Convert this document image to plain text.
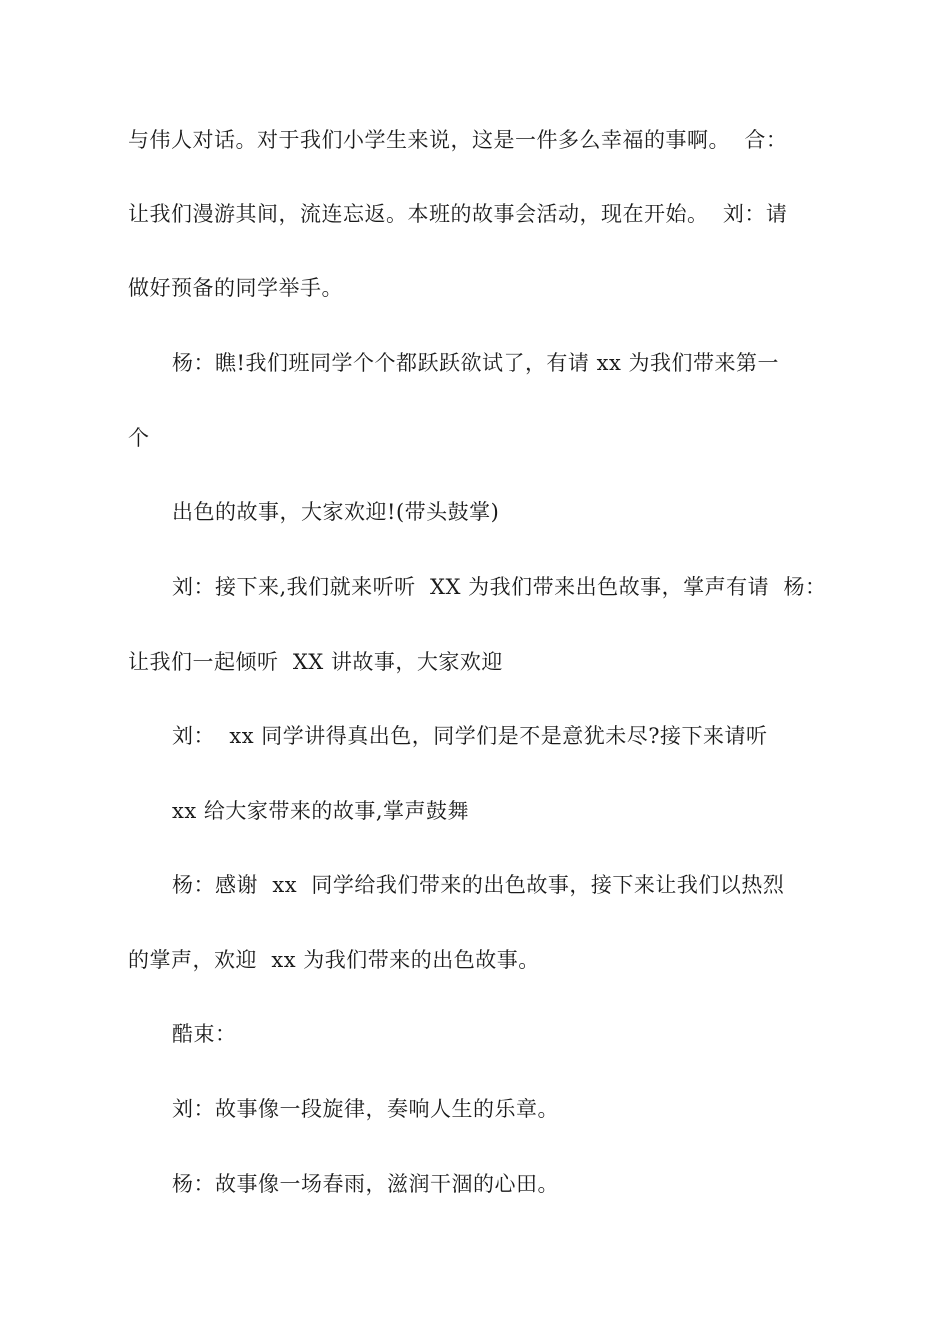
与伟人对话。对于我们小学生来说，这是一件多么幸福的事啊。  合：
让我们漫游其间，流连忘返。本班的故事会活动，现在开始。  刘：请
做好预备的同学举手。
杨：瞧!我们班同学个个都跃跃欲试了，有请 xx 为我们带来第一
个
出色的故事，大家欢迎!(带头鼓掌)
刘：接下来,我们就来听听  XX 为我们带来出色故事，掌声有请  杨：
让我们一起倾听  XX 讲故事，大家欢迎
刘：  xx 同学讲得真出色，同学们是不是意犹未尽?接下来请听
xx 给大家带来的故事,掌声鼓舞
杨：感谢  xx  同学给我们带来的出色故事，接下来让我们以热烈
的掌声，欢迎  xx 为我们带来的出色故事。
酷束：
刘：故事像一段旋律，奏响人生的乐章。
杨：故事像一场春雨，滋润干涸的心田。
